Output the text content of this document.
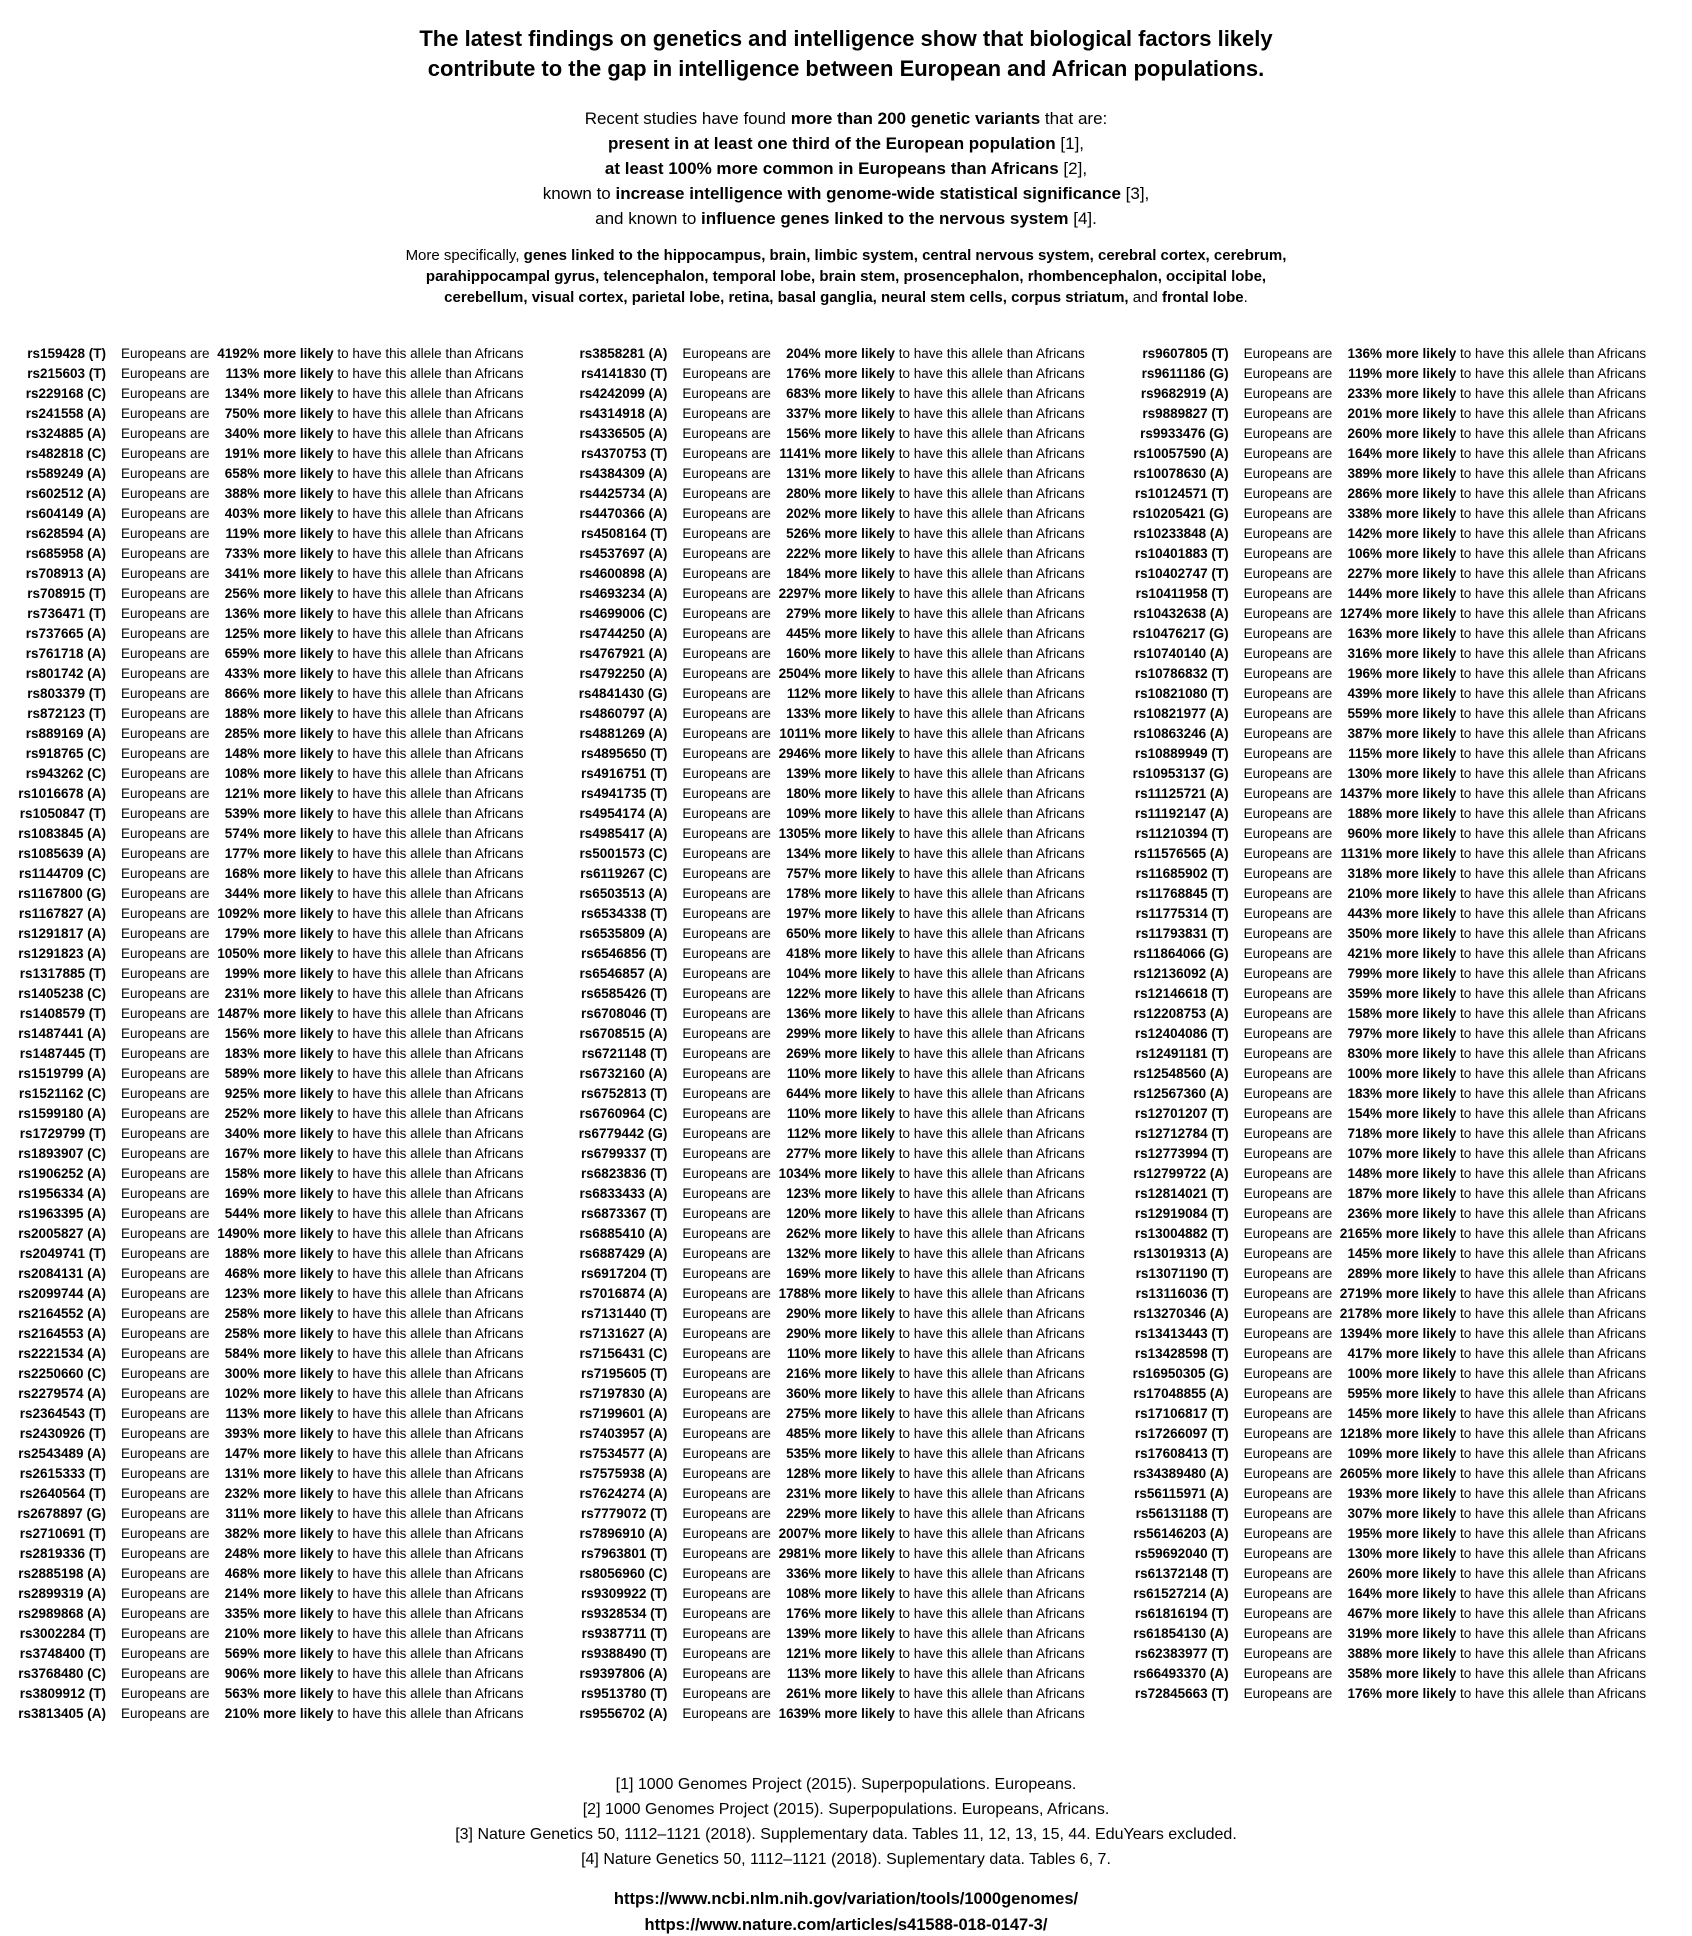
The latest findings on genetics and intelligence show that biological factors likely
contribute to the gap in intelligence between European and African populations.
Recent studies have found more than 200 genetic variants that are:
present in at least one third of the European population [1],
at least 100% more common in Europeans than Africans [2],
known to increase intelligence with genome-wide statistical significance [3],
and known to influence genes linked to the nervous system [4].
More specifically, genes linked to the hippocampus, brain, limbic system, central nervous system, cerebral cortex, cerebrum,
parahippocampal gyrus, telencephalon, temporal lobe, brain stem, prosencephalon, rhombencephalon, occipital lobe,
cerebellum, visual cortex, parietal lobe, retina, basal ganglia, neural stem cells, corpus striatum, and frontal lobe.
rs159428 (T) Europeans are 4192% more likely to have this allele than Africans
rs215603 (T) Europeans are 113% more likely to have this allele than Africans
rs229168 (C) Europeans are 134% more likely to have this allele than Africans
rs241558 (A) Europeans are 750% more likely to have this allele than Africans
rs324885 (A) Europeans are 340% more likely to have this allele than Africans
rs482818 (C) Europeans are 191% more likely to have this allele than Africans
rs589249 (A) Europeans are 658% more likely to have this allele than Africans
rs602512 (A) Europeans are 388% more likely to have this allele than Africans
rs604149 (A) Europeans are 403% more likely to have this allele than Africans
rs628594 (A) Europeans are 119% more likely to have this allele than Africans
rs685958 (A) Europeans are 733% more likely to have this allele than Africans
rs708913 (A) Europeans are 341% more likely to have this allele than Africans
rs708915 (T) Europeans are 256% more likely to have this allele than Africans
rs736471 (T) Europeans are 136% more likely to have this allele than Africans
rs737665 (A) Europeans are 125% more likely to have this allele than Africans
rs761718 (A) Europeans are 659% more likely to have this allele than Africans
rs801742 (A) Europeans are 433% more likely to have this allele than Africans
rs803379 (T) Europeans are 866% more likely to have this allele than Africans
rs872123 (T) Europeans are 188% more likely to have this allele than Africans
rs889169 (A) Europeans are 285% more likely to have this allele than Africans
rs918765 (C) Europeans are 148% more likely to have this allele than Africans
rs943262 (C) Europeans are 108% more likely to have this allele than Africans
rs1016678 (A) Europeans are 121% more likely to have this allele than Africans
rs1050847 (T) Europeans are 539% more likely to have this allele than Africans
rs1083845 (A) Europeans are 574% more likely to have this allele than Africans
rs1085639 (A) Europeans are 177% more likely to have this allele than Africans
rs1144709 (C) Europeans are 168% more likely to have this allele than Africans
rs1167800 (G) Europeans are 344% more likely to have this allele than Africans
rs1167827 (A) Europeans are 1092% more likely to have this allele than Africans
rs1291817 (A) Europeans are 179% more likely to have this allele than Africans
rs1291823 (A) Europeans are 1050% more likely to have this allele than Africans
rs1317885 (T) Europeans are 199% more likely to have this allele than Africans
rs1405238 (C) Europeans are 231% more likely to have this allele than Africans
rs1408579 (T) Europeans are 1487% more likely to have this allele than Africans
rs1487441 (A) Europeans are 156% more likely to have this allele than Africans
rs1487445 (T) Europeans are 183% more likely to have this allele than Africans
rs1519799 (A) Europeans are 589% more likely to have this allele than Africans
rs1521162 (C) Europeans are 925% more likely to have this allele than Africans
rs1599180 (A) Europeans are 252% more likely to have this allele than Africans
rs1729799 (T) Europeans are 340% more likely to have this allele than Africans
rs1893907 (C) Europeans are 167% more likely to have this allele than Africans
rs1906252 (A) Europeans are 158% more likely to have this allele than Africans
rs1956334 (A) Europeans are 169% more likely to have this allele than Africans
rs1963395 (A) Europeans are 544% more likely to have this allele than Africans
rs2005827 (A) Europeans are 1490% more likely to have this allele than Africans
rs2049741 (T) Europeans are 188% more likely to have this allele than Africans
rs2084131 (A) Europeans are 468% more likely to have this allele than Africans
rs2099744 (A) Europeans are 123% more likely to have this allele than Africans
rs2164552 (A) Europeans are 258% more likely to have this allele than Africans
rs2164553 (A) Europeans are 258% more likely to have this allele than Africans
rs2221534 (A) Europeans are 584% more likely to have this allele than Africans
rs2250660 (C) Europeans are 300% more likely to have this allele than Africans
rs2279574 (A) Europeans are 102% more likely to have this allele than Africans
rs2364543 (T) Europeans are 113% more likely to have this allele than Africans
rs2430926 (T) Europeans are 393% more likely to have this allele than Africans
rs2543489 (A) Europeans are 147% more likely to have this allele than Africans
rs2615333 (T) Europeans are 131% more likely to have this allele than Africans
rs2640564 (T) Europeans are 232% more likely to have this allele than Africans
rs2678897 (G) Europeans are 311% more likely to have this allele than Africans
rs2710691 (T) Europeans are 382% more likely to have this allele than Africans
rs2819336 (T) Europeans are 248% more likely to have this allele than Africans
rs2885198 (A) Europeans are 468% more likely to have this allele than Africans
rs2899319 (A) Europeans are 214% more likely to have this allele than Africans
rs2989868 (A) Europeans are 335% more likely to have this allele than Africans
rs3002284 (T) Europeans are 210% more likely to have this allele than Africans
rs3748400 (T) Europeans are 569% more likely to have this allele than Africans
rs3768480 (C) Europeans are 906% more likely to have this allele than Africans
rs3809912 (T) Europeans are 563% more likely to have this allele than Africans
rs3813405 (A) Europeans are 210% more likely to have this allele than Africans
rs3858281 (A) Europeans are 204% more likely to have this allele than Africans
rs4141830 (T) Europeans are 176% more likely to have this allele than Africans
rs4242099 (A) Europeans are 683% more likely to have this allele than Africans
rs4314918 (A) Europeans are 337% more likely to have this allele than Africans
rs4336505 (A) Europeans are 156% more likely to have this allele than Africans
rs4370753 (T) Europeans are 1141% more likely to have this allele than Africans
rs4384309 (A) Europeans are 131% more likely to have this allele than Africans
rs4425734 (A) Europeans are 280% more likely to have this allele than Africans
rs4470366 (A) Europeans are 202% more likely to have this allele than Africans
rs4508164 (T) Europeans are 526% more likely to have this allele than Africans
rs4537697 (A) Europeans are 222% more likely to have this allele than Africans
rs4600898 (A) Europeans are 184% more likely to have this allele than Africans
rs4693234 (A) Europeans are 2297% more likely to have this allele than Africans
rs4699006 (C) Europeans are 279% more likely to have this allele than Africans
rs4744250 (A) Europeans are 445% more likely to have this allele than Africans
rs4767921 (A) Europeans are 160% more likely to have this allele than Africans
rs4792250 (A) Europeans are 2504% more likely to have this allele than Africans
rs4841430 (G) Europeans are 112% more likely to have this allele than Africans
rs4860797 (A) Europeans are 133% more likely to have this allele than Africans
rs4881269 (A) Europeans are 1011% more likely to have this allele than Africans
rs4895650 (T) Europeans are 2946% more likely to have this allele than Africans
rs4916751 (T) Europeans are 139% more likely to have this allele than Africans
rs4941735 (T) Europeans are 180% more likely to have this allele than Africans
rs4954174 (A) Europeans are 109% more likely to have this allele than Africans
rs4985417 (A) Europeans are 1305% more likely to have this allele than Africans
rs5001573 (C) Europeans are 134% more likely to have this allele than Africans
rs6119267 (C) Europeans are 757% more likely to have this allele than Africans
rs6503513 (A) Europeans are 178% more likely to have this allele than Africans
rs6534338 (T) Europeans are 197% more likely to have this allele than Africans
rs6535809 (A) Europeans are 650% more likely to have this allele than Africans
rs6546856 (T) Europeans are 418% more likely to have this allele than Africans
rs6546857 (A) Europeans are 104% more likely to have this allele than Africans
rs6585426 (T) Europeans are 122% more likely to have this allele than Africans
rs6708046 (T) Europeans are 136% more likely to have this allele than Africans
rs6708515 (A) Europeans are 299% more likely to have this allele than Africans
rs6721148 (T) Europeans are 269% more likely to have this allele than Africans
rs6732160 (A) Europeans are 110% more likely to have this allele than Africans
rs6752813 (T) Europeans are 644% more likely to have this allele than Africans
rs6760964 (C) Europeans are 110% more likely to have this allele than Africans
rs6779442 (G) Europeans are 112% more likely to have this allele than Africans
rs6799337 (T) Europeans are 277% more likely to have this allele than Africans
rs6823836 (T) Europeans are 1034% more likely to have this allele than Africans
rs6833433 (A) Europeans are 123% more likely to have this allele than Africans
rs6873367 (T) Europeans are 120% more likely to have this allele than Africans
rs6885410 (A) Europeans are 262% more likely to have this allele than Africans
rs6887429 (A) Europeans are 132% more likely to have this allele than Africans
rs6917204 (T) Europeans are 169% more likely to have this allele than Africans
rs7016874 (A) Europeans are 1788% more likely to have this allele than Africans
rs7131440 (T) Europeans are 290% more likely to have this allele than Africans
rs7131627 (A) Europeans are 290% more likely to have this allele than Africans
rs7156431 (C) Europeans are 110% more likely to have this allele than Africans
rs7195605 (T) Europeans are 216% more likely to have this allele than Africans
rs7197830 (A) Europeans are 360% more likely to have this allele than Africans
rs7199601 (A) Europeans are 275% more likely to have this allele than Africans
rs7403957 (A) Europeans are 485% more likely to have this allele than Africans
rs7534577 (A) Europeans are 535% more likely to have this allele than Africans
rs7575938 (A) Europeans are 128% more likely to have this allele than Africans
rs7624274 (A) Europeans are 231% more likely to have this allele than Africans
rs7779072 (T) Europeans are 229% more likely to have this allele than Africans
rs7896910 (A) Europeans are 2007% more likely to have this allele than Africans
rs7963801 (T) Europeans are 2981% more likely to have this allele than Africans
rs8056960 (C) Europeans are 336% more likely to have this allele than Africans
rs9309922 (T) Europeans are 108% more likely to have this allele than Africans
rs9328534 (T) Europeans are 176% more likely to have this allele than Africans
rs9387711 (T) Europeans are 139% more likely to have this allele than Africans
rs9388490 (T) Europeans are 121% more likely to have this allele than Africans
rs9397806 (A) Europeans are 113% more likely to have this allele than Africans
rs9513780 (T) Europeans are 261% more likely to have this allele than Africans
rs9556702 (A) Europeans are 1639% more likely to have this allele than Africans
rs9607805 (T) Europeans are 136% more likely to have this allele than Africans
rs9611186 (G) Europeans are 119% more likely to have this allele than Africans
rs9682919 (A) Europeans are 233% more likely to have this allele than Africans
rs9889827 (T) Europeans are 201% more likely to have this allele than Africans
rs9933476 (G) Europeans are 260% more likely to have this allele than Africans
rs10057590 (A) Europeans are 164% more likely to have this allele than Africans
rs10078630 (A) Europeans are 389% more likely to have this allele than Africans
rs10124571 (T) Europeans are 286% more likely to have this allele than Africans
rs10205421 (G) Europeans are 338% more likely to have this allele than Africans
rs10233848 (A) Europeans are 142% more likely to have this allele than Africans
rs10401883 (T) Europeans are 106% more likely to have this allele than Africans
rs10402747 (T) Europeans are 227% more likely to have this allele than Africans
rs10411958 (T) Europeans are 144% more likely to have this allele than Africans
rs10432638 (A) Europeans are 1274% more likely to have this allele than Africans
rs10476217 (G) Europeans are 163% more likely to have this allele than Africans
rs10740140 (A) Europeans are 316% more likely to have this allele than Africans
rs10786832 (T) Europeans are 196% more likely to have this allele than Africans
rs10821080 (T) Europeans are 439% more likely to have this allele than Africans
rs10821977 (A) Europeans are 559% more likely to have this allele than Africans
rs10863246 (A) Europeans are 387% more likely to have this allele than Africans
rs10889949 (T) Europeans are 115% more likely to have this allele than Africans
rs10953137 (G) Europeans are 130% more likely to have this allele than Africans
rs11125721 (A) Europeans are 1437% more likely to have this allele than Africans
rs11192147 (A) Europeans are 188% more likely to have this allele than Africans
rs11210394 (T) Europeans are 960% more likely to have this allele than Africans
rs11576565 (A) Europeans are 1131% more likely to have this allele than Africans
rs11685902 (T) Europeans are 318% more likely to have this allele than Africans
rs11768845 (T) Europeans are 210% more likely to have this allele than Africans
rs11775314 (T) Europeans are 443% more likely to have this allele than Africans
rs11793831 (T) Europeans are 350% more likely to have this allele than Africans
rs11864066 (G) Europeans are 421% more likely to have this allele than Africans
rs12136092 (A) Europeans are 799% more likely to have this allele than Africans
rs12146618 (T) Europeans are 359% more likely to have this allele than Africans
rs12208753 (A) Europeans are 158% more likely to have this allele than Africans
rs12404086 (T) Europeans are 797% more likely to have this allele than Africans
rs12491181 (T) Europeans are 830% more likely to have this allele than Africans
rs12548560 (A) Europeans are 100% more likely to have this allele than Africans
rs12567360 (A) Europeans are 183% more likely to have this allele than Africans
rs12701207 (T) Europeans are 154% more likely to have this allele than Africans
rs12712784 (T) Europeans are 718% more likely to have this allele than Africans
rs12773994 (T) Europeans are 107% more likely to have this allele than Africans
rs12799722 (A) Europeans are 148% more likely to have this allele than Africans
rs12814021 (T) Europeans are 187% more likely to have this allele than Africans
rs12919084 (T) Europeans are 236% more likely to have this allele than Africans
rs13004882 (T) Europeans are 2165% more likely to have this allele than Africans
rs13019313 (A) Europeans are 145% more likely to have this allele than Africans
rs13071190 (T) Europeans are 289% more likely to have this allele than Africans
rs13116036 (T) Europeans are 2719% more likely to have this allele than Africans
rs13270346 (A) Europeans are 2178% more likely to have this allele than Africans
rs13413443 (T) Europeans are 1394% more likely to have this allele than Africans
rs13428598 (T) Europeans are 417% more likely to have this allele than Africans
rs16950305 (G) Europeans are 100% more likely to have this allele than Africans
rs17048855 (A) Europeans are 595% more likely to have this allele than Africans
rs17106817 (T) Europeans are 145% more likely to have this allele than Africans
rs17266097 (T) Europeans are 1218% more likely to have this allele than Africans
rs17608413 (T) Europeans are 109% more likely to have this allele than Africans
rs34389480 (A) Europeans are 2605% more likely to have this allele than Africans
rs56115971 (A) Europeans are 193% more likely to have this allele than Africans
rs56131188 (T) Europeans are 307% more likely to have this allele than Africans
rs56146203 (A) Europeans are 195% more likely to have this allele than Africans
rs59692040 (T) Europeans are 130% more likely to have this allele than Africans
rs61372148 (T) Europeans are 260% more likely to have this allele than Africans
rs61527214 (A) Europeans are 164% more likely to have this allele than Africans
rs61816194 (T) Europeans are 467% more likely to have this allele than Africans
rs61854130 (A) Europeans are 319% more likely to have this allele than Africans
rs62383977 (T) Europeans are 388% more likely to have this allele than Africans
rs66493370 (A) Europeans are 358% more likely to have this allele than Africans
rs72845663 (T) Europeans are 176% more likely to have this allele than Africans
[1] 1000 Genomes Project (2015). Superpopulations. Europeans.
[2] 1000 Genomes Project (2015). Superpopulations. Europeans, Africans.
[3] Nature Genetics 50, 1112–1121 (2018). Supplementary data. Tables 11, 12, 13, 15, 44. EduYears excluded.
[4] Nature Genetics 50, 1112–1121 (2018). Suplementary data. Tables 6, 7.
https://www.ncbi.nlm.nih.gov/variation/tools/1000genomes/
https://www.nature.com/articles/s41588-018-0147-3/
